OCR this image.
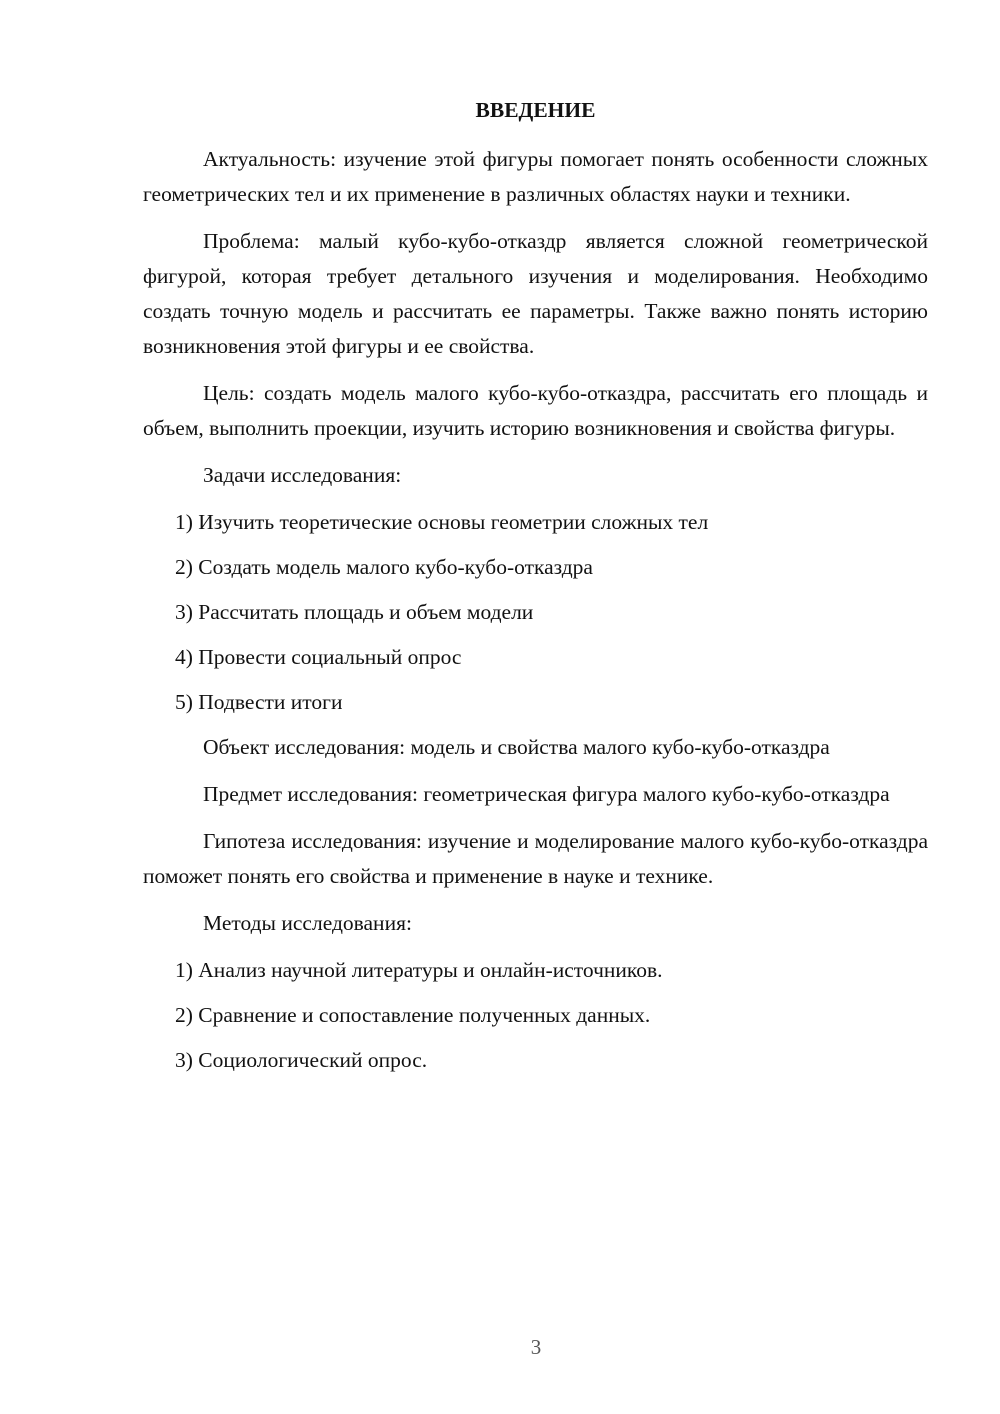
ВВЕДЕНИЕ

Актуальность: изучение этой фигуры помогает понять особенности сложных геометрических тел и их применение в различных областях науки и техники.

Проблема: малый кубо-кубо-отказдр является сложной геометрической фигурой, которая требует детального изучения и моделирования. Необходимо создать точную модель и рассчитать ее параметры. Также важно понять историю возникновения этой фигуры и ее свойства.

Цель: создать модель малого кубо-кубо-отказдра, рассчитать его площадь и объем, выполнить проекции, изучить историю возникновения и свойства фигуры.

Задачи исследования:

1) Изучить теоретические основы геометрии сложных тел

2) Создать модель малого кубо-кубо-отказдра

3) Рассчитать площадь и объем модели

4) Провести социальный опрос

5) Подвести итоги

Объект исследования: модель и свойства малого кубо-кубо-отказдра

Предмет исследования: геометрическая фигура малого кубо-кубо-отказдра

Гипотеза исследования: изучение и моделирование малого кубо-кубо-отказдра поможет понять его свойства и применение в науке и технике.

Методы исследования:

1) Анализ научной литературы и онлайн-источников.

2) Сравнение и сопоставление полученных данных.

3) Социологический опрос.

3
